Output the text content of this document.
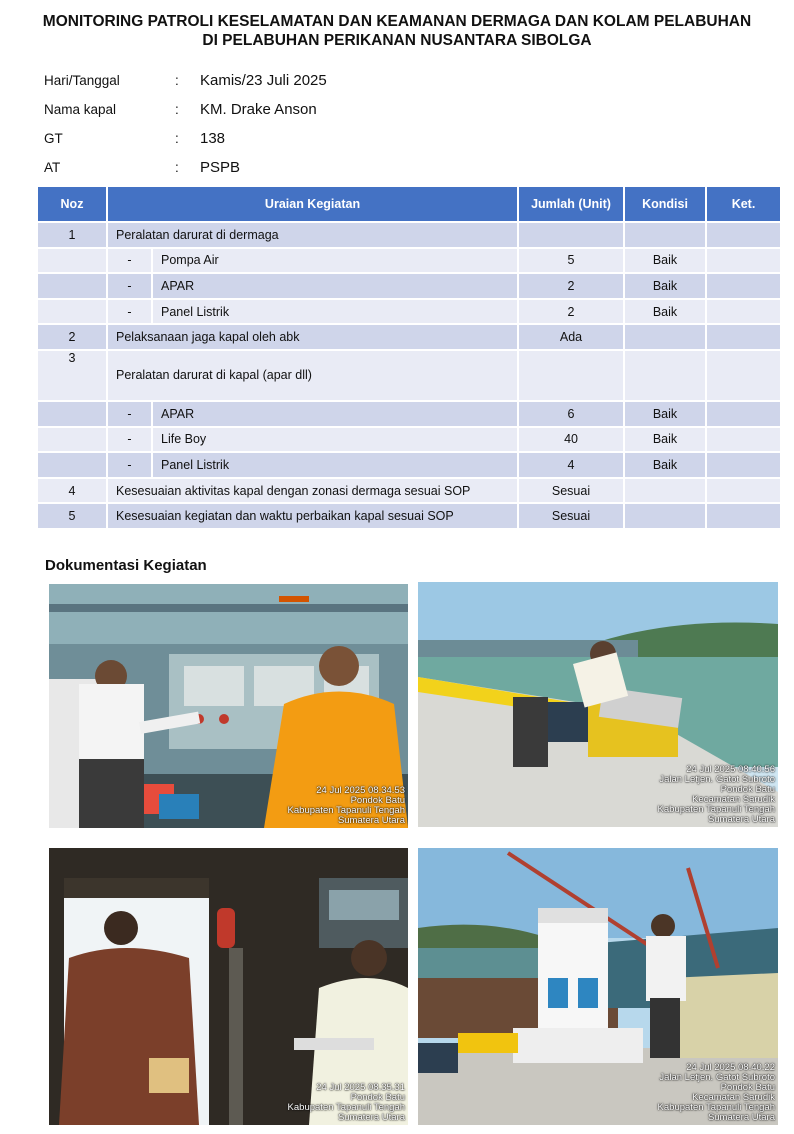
MONITORING PATROLI KESELAMATAN DAN KEAMANAN DERMAGA DAN KOLAM PELABUHAN
DI PELABUHAN PERIKANAN NUSANTARA SIBOLGA
Hari/Tanggal	:	Kamis/23 Juli 2025
Nama kapal	:	KM. Drake Anson
GT	:	138
AT	:	PSPB
Noz	Uraian Kegiatan		Jumlah (Unit)	Kondisi	Ket.
1	Peralatan darurat di dermaga				
	-	Pompa Air	5	Baik	
	-	APAR	2	Baik	
	-	Panel Listrik	2	Baik	
2	Pelaksanaan jaga kapal oleh abk		Ada		
3	Peralatan darurat di kapal (apar dll)				
	-	APAR	6	Baik	
	-	Life Boy	40	Baik	
	-	Panel Listrik	4	Baik	
4	Kesesuaian aktivitas kapal dengan zonasi dermaga sesuai SOP		Sesuai		
5	Kesesuaian kegiatan dan waktu perbaikan kapal sesuai SOP		Sesuai		
Dokumentasi Kegiatan
24 Jul 2025 08.34.53
Pondok Batu
Kabupaten Tapanuli Tengah
Sumatera Utara
24 Jul 2025 08.40.56
Jalan Letjen. Gatot Subroto
Pondok Batu
Kecamatan Sarudik
Kabupaten Tapanuli Tengah
Sumatera Utara
24 Jul 2025 08.35.31
Pondok Batu
Kabupaten Tapanuli Tengah
Sumatera Utara
24 Jul 2025 08.40.22
Jalan Letjen. Gatot Subroto
Pondok Batu
Kecamatan Sarudik
Kabupaten Tapanuli Tengah
Sumatera Utara
